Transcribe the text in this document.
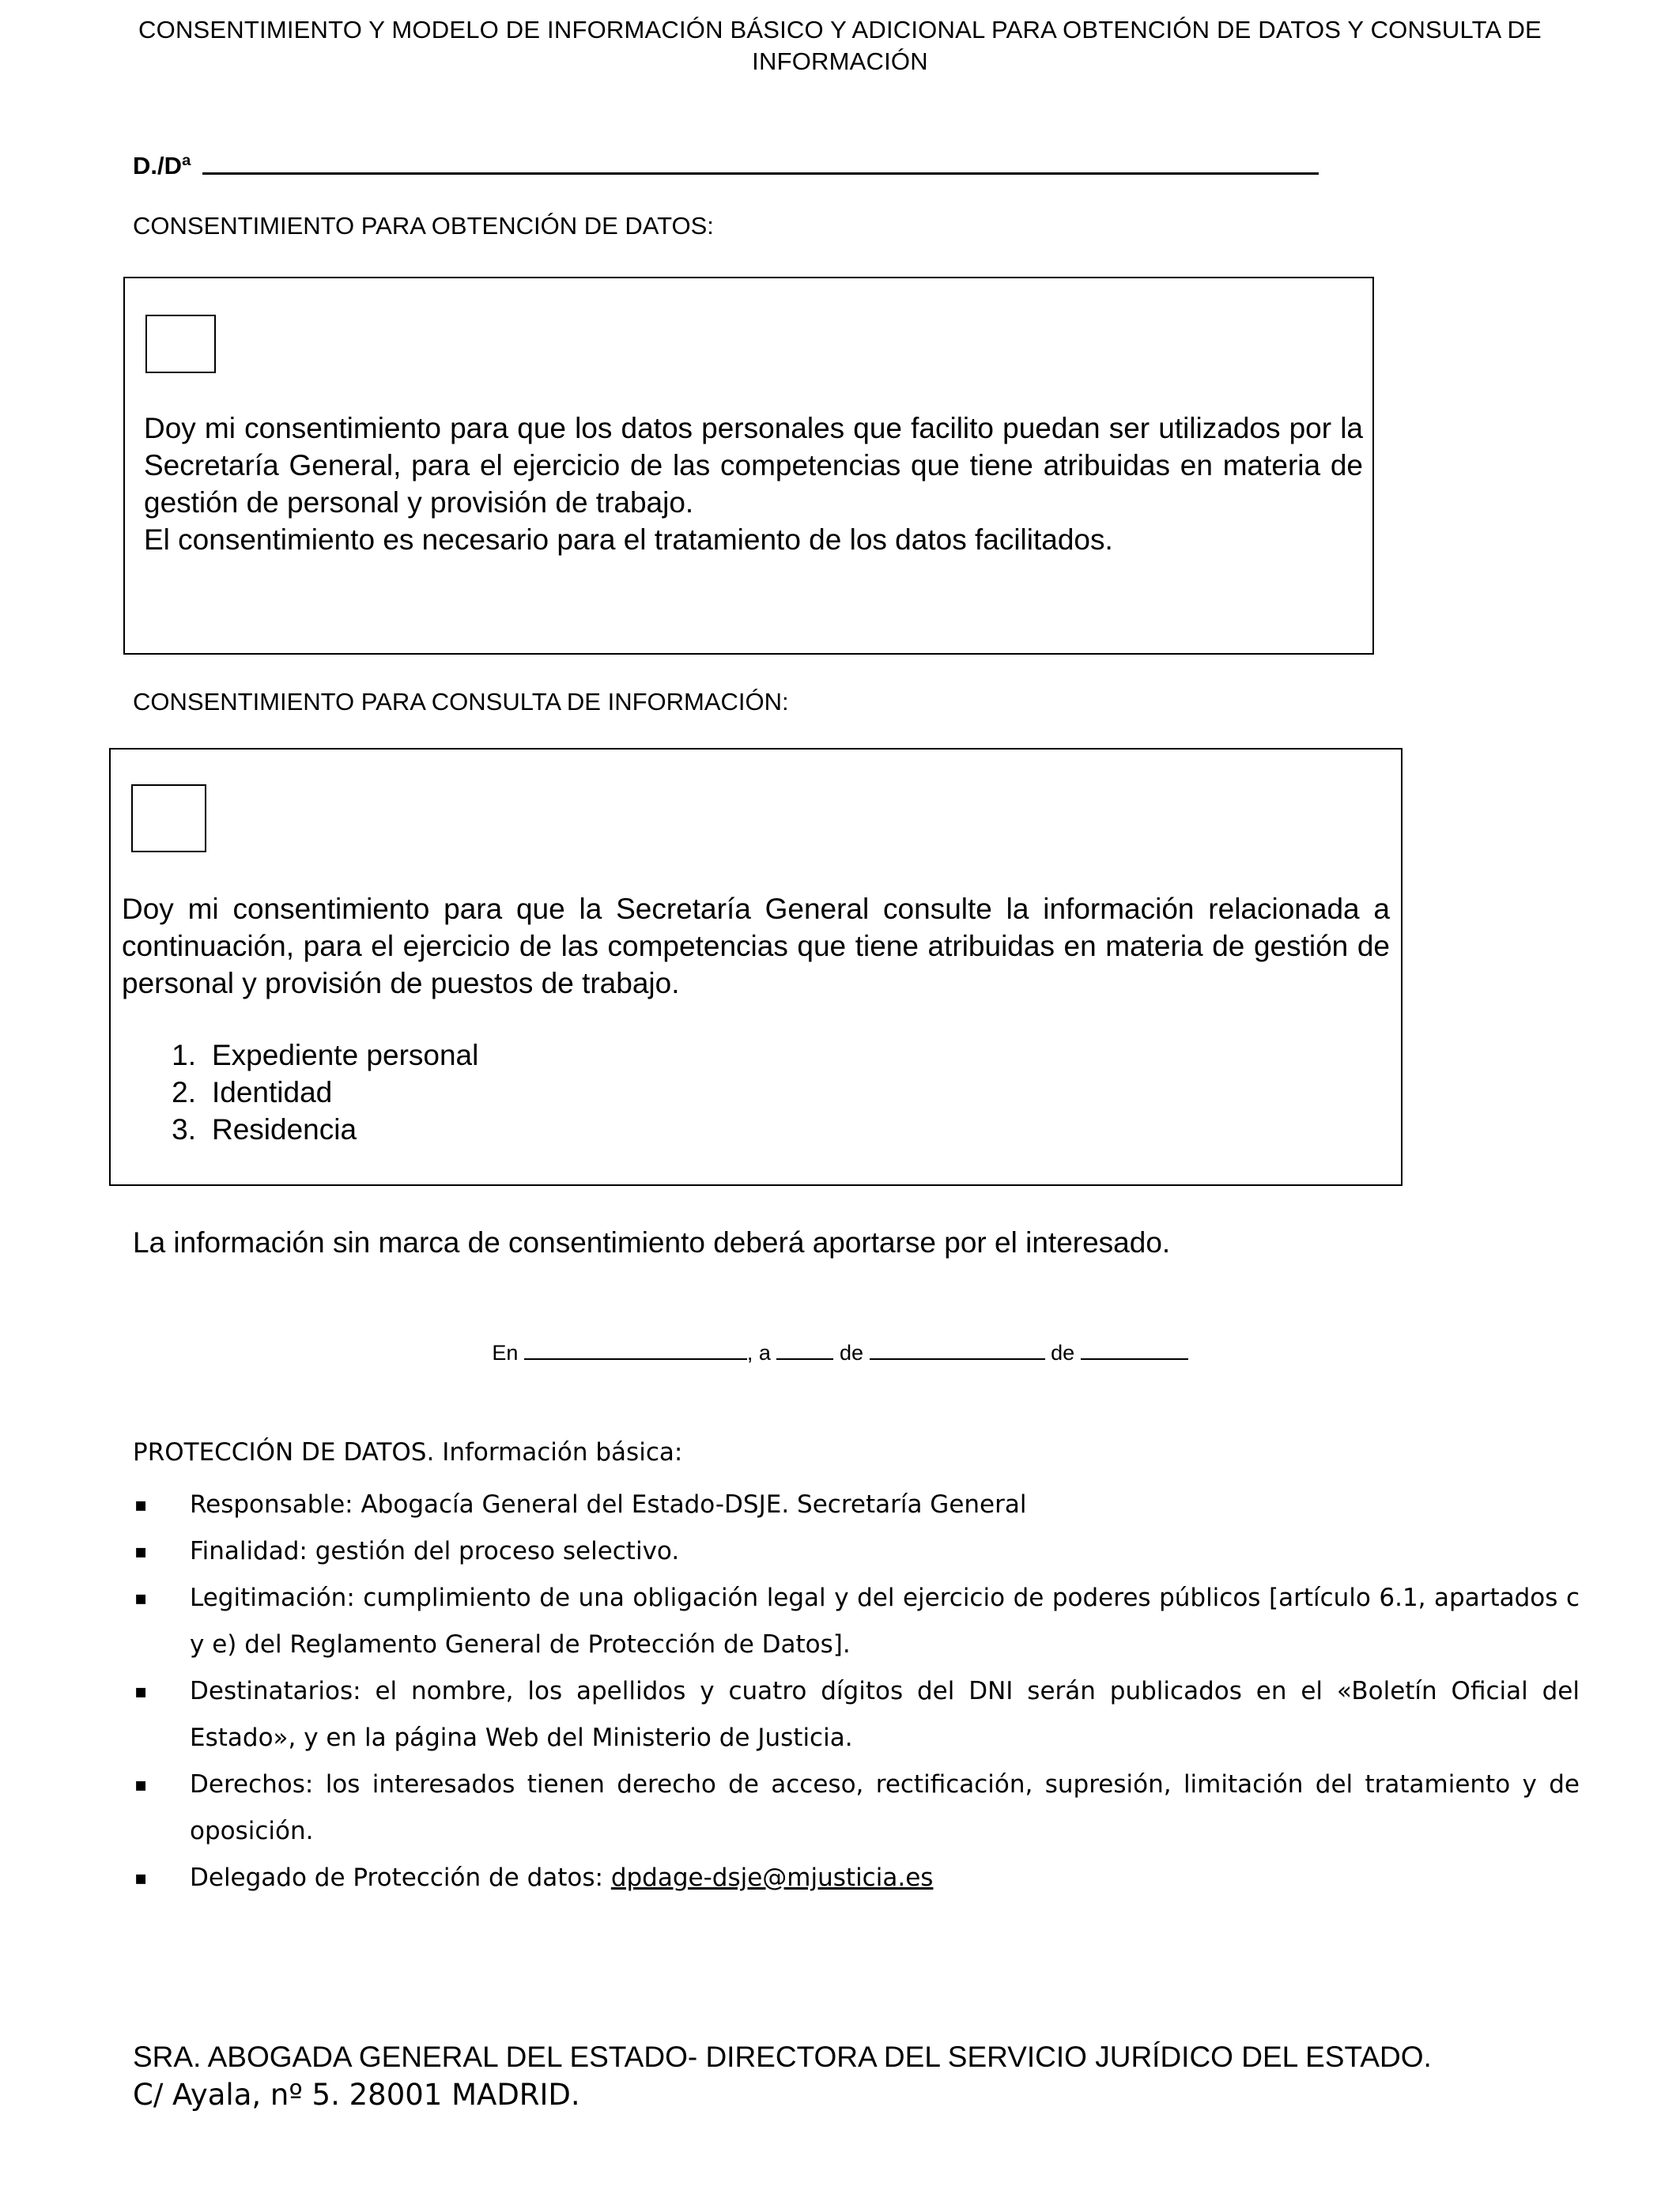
CONSENTIMIENTO Y MODELO DE INFORMACIÓN BÁSICO Y ADICIONAL PARA OBTENCIÓN DE DATOS Y CONSULTA DE INFORMACIÓN
D./Dª
CONSENTIMIENTO PARA OBTENCIÓN DE DATOS:
Doy mi consentimiento para que los datos personales que facilito puedan ser utilizados por la Secretaría General, para el ejercicio de las competencias que tiene atribuidas en materia de gestión de personal y provisión de trabajo.
El consentimiento es necesario para el tratamiento de los datos facilitados.
CONSENTIMIENTO PARA CONSULTA DE INFORMACIÓN:
Doy mi consentimiento para que la Secretaría General consulte la información relacionada a continuación, para el ejercicio de las competencias que tiene atribuidas en materia de gestión de personal y provisión de puestos de trabajo.
1. Expediente personal
2. Identidad
3. Residencia
La información sin marca de consentimiento deberá aportarse por el interesado.
En	, a	de	de
PROTECCIÓN DE DATOS. Información básica:
▪ Responsable: Abogacía General del Estado-DSJE. Secretaría General
▪ Finalidad: gestión del proceso selectivo.
▪ Legitimación: cumplimiento de una obligación legal y del ejercicio de poderes públicos [artículo 6.1, apartados c y e) del Reglamento General de Protección de Datos].
▪ Destinatarios: el nombre, los apellidos y cuatro dígitos del DNI serán publicados en el «Boletín Oficial del Estado», y en la página Web del Ministerio de Justicia.
▪ Derechos: los interesados tienen derecho de acceso, rectificación, supresión, limitación del tratamiento y de oposición.
▪ Delegado de Protección de datos: dpdage-dsje@mjusticia.es
SRA. ABOGADA GENERAL DEL ESTADO- DIRECTORA DEL SERVICIO JURÍDICO DEL ESTADO.
C/ Ayala, nº 5. 28001 MADRID.
